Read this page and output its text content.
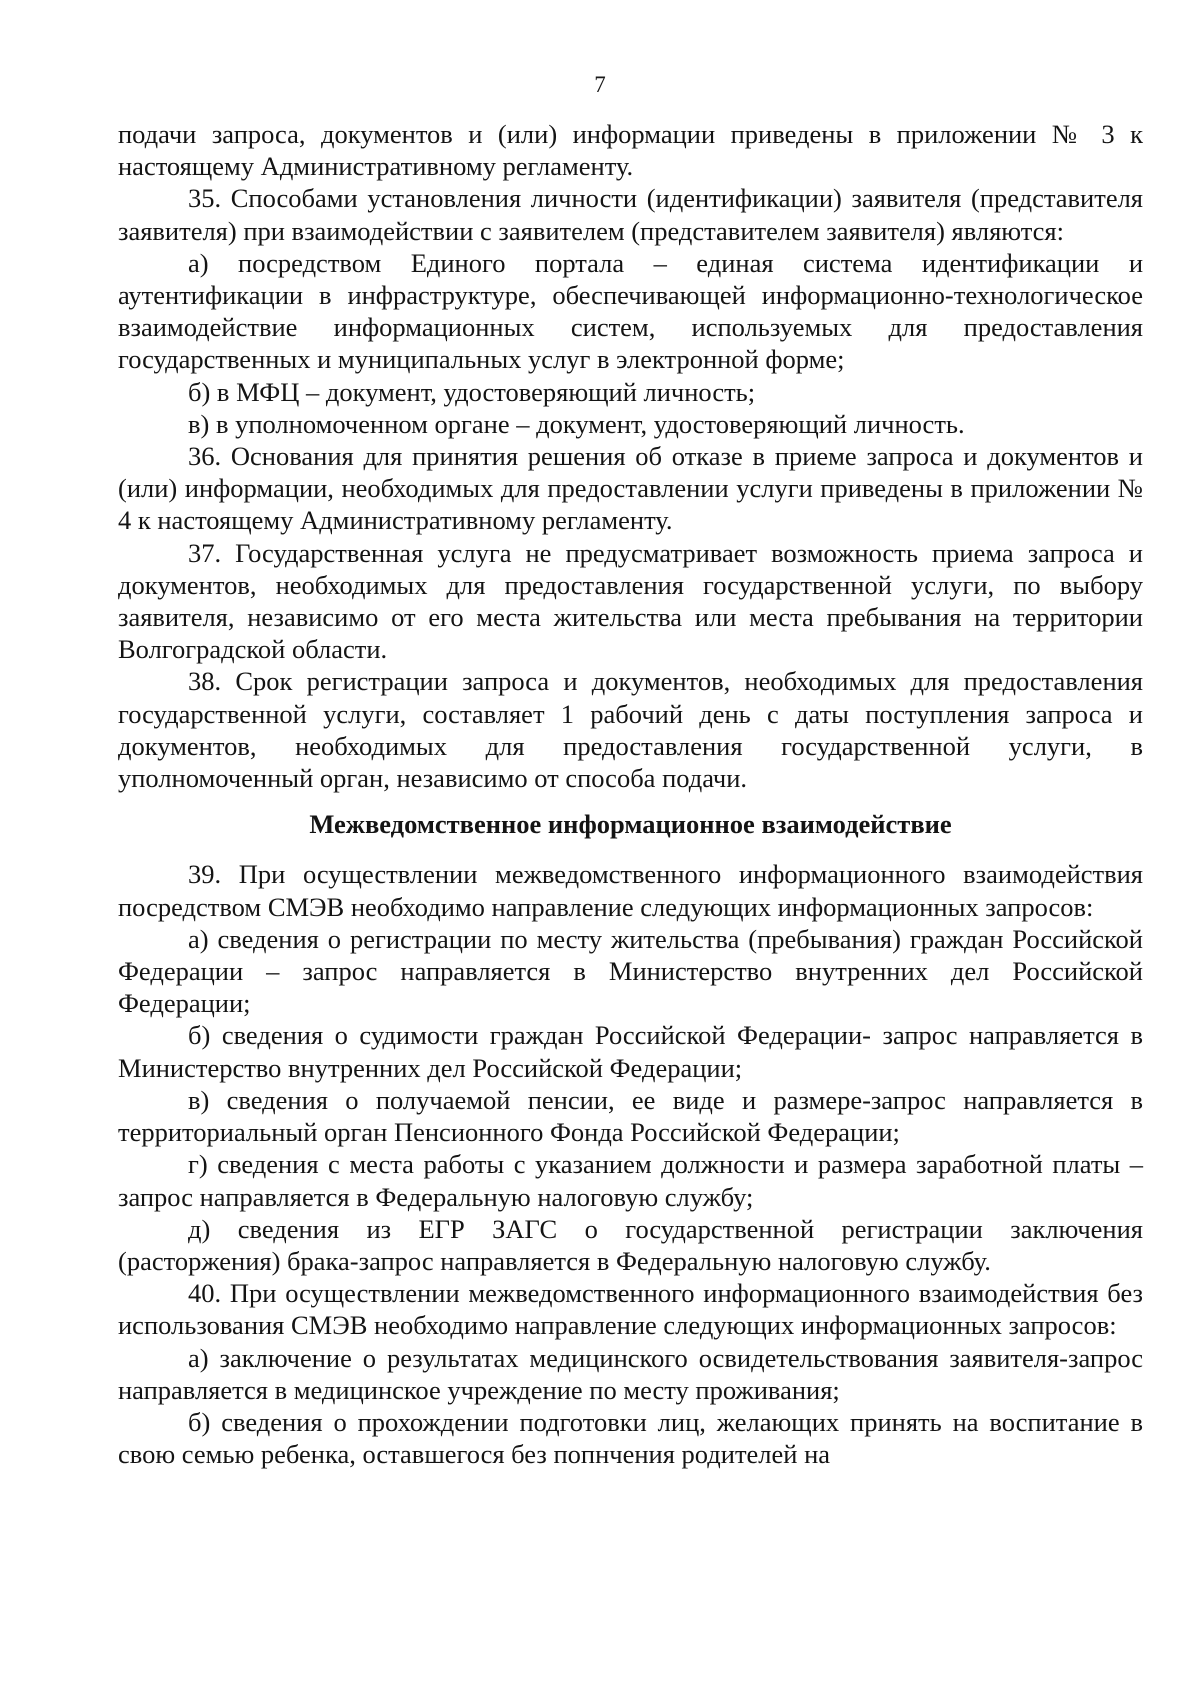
7

подачи запроса, документов и (или) информации приведены в приложении № 3 к настоящему Административному регламенту.

35. Способами установления личности (идентификации) заявителя (представителя заявителя) при взаимодействии с заявителем (представителем заявителя) являются:

а) посредством Единого портала – единая система идентификации и аутентификации в инфраструктуре, обеспечивающей информационно-технологическое взаимодействие информационных систем, используемых для предоставления государственных и муниципальных услуг в электронной форме;

б) в МФЦ – документ, удостоверяющий личность;

в) в уполномоченном органе – документ, удостоверяющий личность.

36. Основания для принятия решения об отказе в приеме запроса и документов и (или) информации, необходимых для предоставлении услуги приведены в приложении № 4 к настоящему Административному регламенту.

37. Государственная услуга не предусматривает возможность приема запроса и документов, необходимых для предоставления государственной услуги, по выбору заявителя, независимо от его места жительства или места пребывания на территории Волгоградской области.

38. Срок регистрации запроса и документов, необходимых для предоставления государственной услуги, составляет 1 рабочий день с даты поступления запроса и документов, необходимых для предоставления государственной услуги, в уполномоченный орган, независимо от способа подачи.

Межведомственное информационное взаимодействие

39. При осуществлении межведомственного информационного взаимодействия посредством СМЭВ необходимо направление следующих информационных запросов:

а) сведения о регистрации по месту жительства (пребывания) граждан Российской Федерации – запрос направляется в Министерство внутренних дел Российской Федерации;

б) сведения о судимости граждан Российской Федерации- запрос направляется в Министерство внутренних дел Российской Федерации;

в) сведения о получаемой пенсии, ее виде и размере-запрос направляется в территориальный орган Пенсионного Фонда Российской Федерации;

г) сведения с места работы с указанием должности и размера заработной платы – запрос направляется в Федеральную налоговую службу;

д) сведения из ЕГР ЗАГС о государственной регистрации заключения (расторжения) брака-запрос направляется в Федеральную налоговую службу.

40. При осуществлении межведомственного информационного взаимодействия без использования СМЭВ необходимо направление следующих информационных запросов:

а) заключение о результатах медицинского освидетельствования заявителя-запрос направляется в медицинское учреждение по месту проживания;

б) сведения о прохождении подготовки лиц, желающих принять на воспитание в свою семью ребенка, оставшегося без попнчения родителей на
